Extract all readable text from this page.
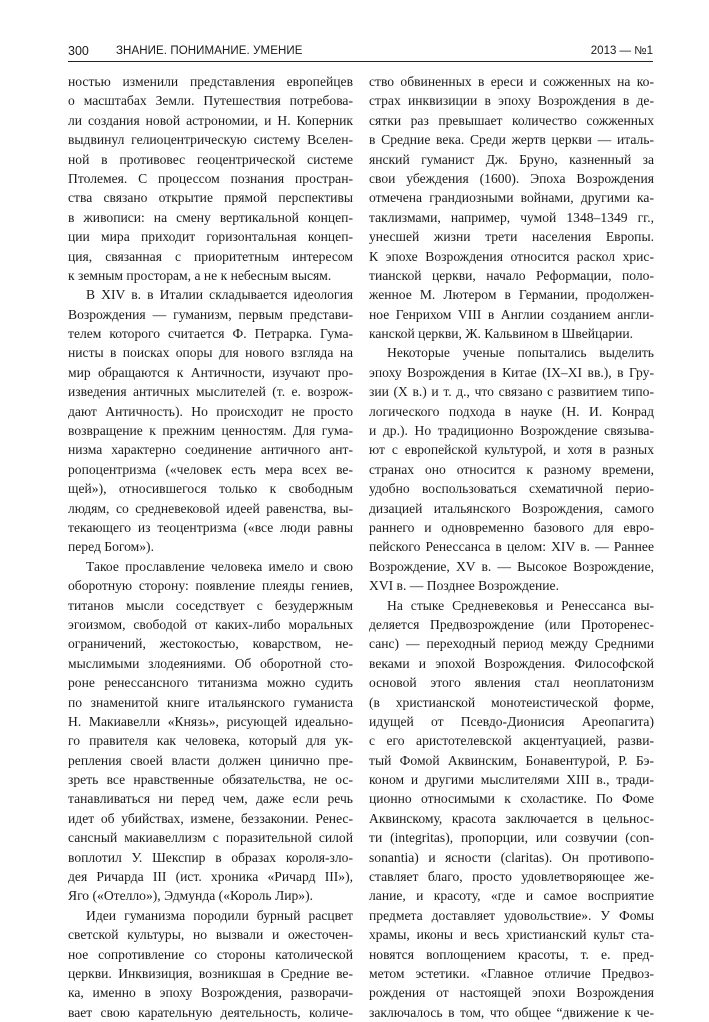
300 ЗНАНИЕ. ПОНИМАНИЕ. УМЕНИЕ	2013 — №1
ностью изменили представления европейцев
о масштабах Земли. Путешествия потребова-
ли создания новой астрономии, и Н. Коперник
выдвинул гелиоцентрическую систему Вселен-
ной в противовес геоцентрической системе
Птолемея. С процессом познания простран-
ства связано открытие прямой перспективы
в живописи: на смену вертикальной концеп-
ции мира приходит горизонтальная концеп-
ция, связанная с приоритетным интересом
к земным просторам, а не к небесным высям.
В XIV в. в Италии складывается идеология
Возрождения — гуманизм, первым представи-
телем которого считается Ф. Петрарка. Гума-
нисты в поисках опоры для нового взгляда на
мир обращаются к Античности, изучают про-
изведения античных мыслителей (т. е. возрож-
дают Античность). Но происходит не просто
возвращение к прежним ценностям. Для гума-
низма характерно соединение античного ант-
ропоцентризма («человек есть мера всех ве-
щей»), относившегося только к свободным
людям, со средневековой идеей равенства, вы-
текающего из теоцентризма («все люди равны
перед Богом»).
Такое прославление человека имело и свою
оборотную сторону: появление плеяды гениев,
титанов мысли соседствует с безудержным
эгоизмом, свободой от каких-либо моральных
ограничений, жестокостью, коварством, не-
мыслимыми злодеяниями. Об оборотной сто-
роне ренессансного титанизма можно судить
по знаменитой книге итальянского гуманиста
Н. Макиавелли «Князь», рисующей идеально-
го правителя как человека, который для ук-
репления своей власти должен цинично пре-
зреть все нравственные обязательства, не ос-
танавливаться ни перед чем, даже если речь
идет об убийствах, измене, беззаконии. Ренес-
сансный макиавеллизм с поразительной силой
воплотил У. Шекспир в образах короля-зло-
дея Ричарда III (ист. хроника «Ричард III»),
Яго («Отелло»), Эдмунда («Король Лир»).
Идеи гуманизма породили бурный расцвет
светской культуры, но вызвали и ожесточен-
ное сопротивление со стороны католической
церкви. Инквизиция, возникшая в Средние ве-
ка, именно в эпоху Возрождения, разворачи-
вает свою карательную деятельность, количе-
ство обвиненных в ереси и сожженных на ко-
страх инквизиции в эпоху Возрождения в де-
сятки раз превышает количество сожженных
в Средние века. Среди жертв церкви — италь-
янский гуманист Дж. Бруно, казненный за
свои убеждения (1600). Эпоха Возрождения
отмечена грандиозными войнами, другими ка-
таклизмами, например, чумой 1348–1349 гг.,
унесшей жизни трети населения Европы.
К эпохе Возрождения относится раскол хрис-
тианской церкви, начало Реформации, поло-
женное М. Лютером в Германии, продолжен-
ное Генрихом VIII в Англии созданием англи-
канской церкви, Ж. Кальвином в Швейцарии.
Некоторые ученые попытались выделить
эпоху Возрождения в Китае (IX–XI вв.), в Гру-
зии (X в.) и т. д., что связано с развитием типо-
логического подхода в науке (Н. И. Конрад
и др.). Но традиционно Возрождение связыва-
ют с европейской культурой, и хотя в разных
странах оно относится к разному времени,
удобно воспользоваться схематичной перио-
дизацией итальянского Возрождения, самого
раннего и одновременно базового для евро-
пейского Ренессанса в целом: XIV в. — Раннее
Возрождение, XV в. — Высокое Возрождение,
XVI в. — Позднее Возрождение.
На стыке Средневековья и Ренессанса вы-
деляется Предвозрождение (или Проторенес-
санс) — переходный период между Средними
веками и эпохой Возрождения. Философской
основой этого явления стал неоплатонизм
(в христианской монотеистической форме,
идущей от Псевдо-Дионисия Ареопагита)
с его аристотелевской акцентуацией, разви-
тый Фомой Аквинским, Бонавентурой, Р. Бэ-
коном и другими мыслителями XIII в., тради-
ционно относимыми к схоластике. По Фоме
Аквинскому, красота заключается в цельнос-
ти (integritas), пропорции, или созвучии (con-
sonantia) и ясности (claritas). Он противопо-
ставляет благо, просто удовлетворяющее же-
лание, и красоту, «где и самое восприятие
предмета доставляет удовольствие». У Фомы
храмы, иконы и весь христианский культ ста-
новятся воплощением красоты, т. е. пред-
метом эстетики. «Главное отличие Предвоз-
рождения от настоящей эпохи Возрождения
заключалось в том, что общее “движение к че-
